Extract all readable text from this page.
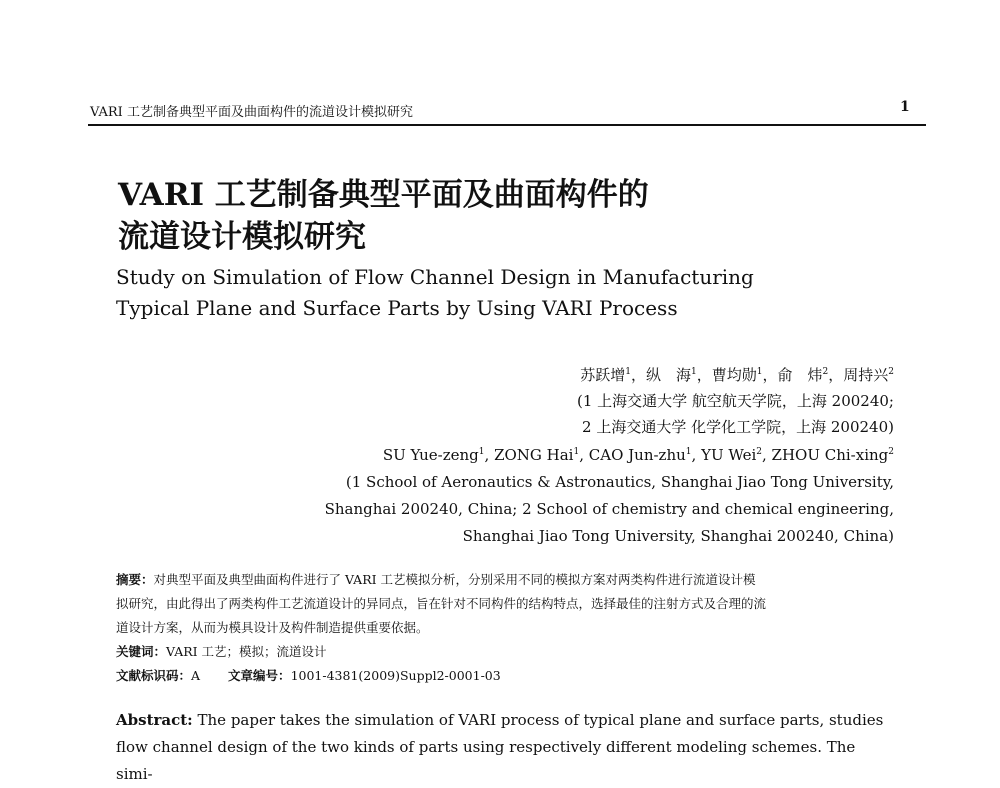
VARI 工艺制备典型平面及曲面构件的流道设计模拟研究	1
VARI 工艺制备典型平面及曲面构件的
流道设计模拟研究
Study on Simulation of Flow Channel Design in Manufacturing
Typical Plane and Surface Parts by Using VARI Process
苏跃增$^1$，纵　海$^1$，曹均勋$^1$，俞　炜$^2$，周持兴$^2$
(1 上海交通大学 航空航天学院，上海 200240;
2 上海交通大学 化学化工学院，上海 200240)
SU Yue-zeng$^1$, ZONG Hai$^1$, CAO Jun-zhu$^1$, YU Wei$^2$, ZHOU Chi-xing$^2$
(1 School of Aeronautics & Astronautics, Shanghai Jiao Tong University,
Shanghai 200240, China; 2 School of chemistry and chemical engineering,
Shanghai Jiao Tong University, Shanghai 200240, China)

摘要：对典型平面及典型曲面构件进行了 VARI 工艺模拟分析，分别采用不同的模拟方案对两类构件进行流道设计模

拟研究，由此得出了两类构件工艺流道设计的异同点，旨在针对不同构件的结构特点，选择最佳的注射方式及合理的流

道设计方案，从而为模具设计及构件制造提供重要依据。

关键词：VARI 工艺；模拟；流道设计

文献标识码：A 文章编号：1001-4381(2009)Suppl2-0001-03

Abstract: The paper takes the simulation of VARI process of typical plane and surface parts, studies
flow channel design of the two kinds of parts using respectively different modeling schemes. The simi-
